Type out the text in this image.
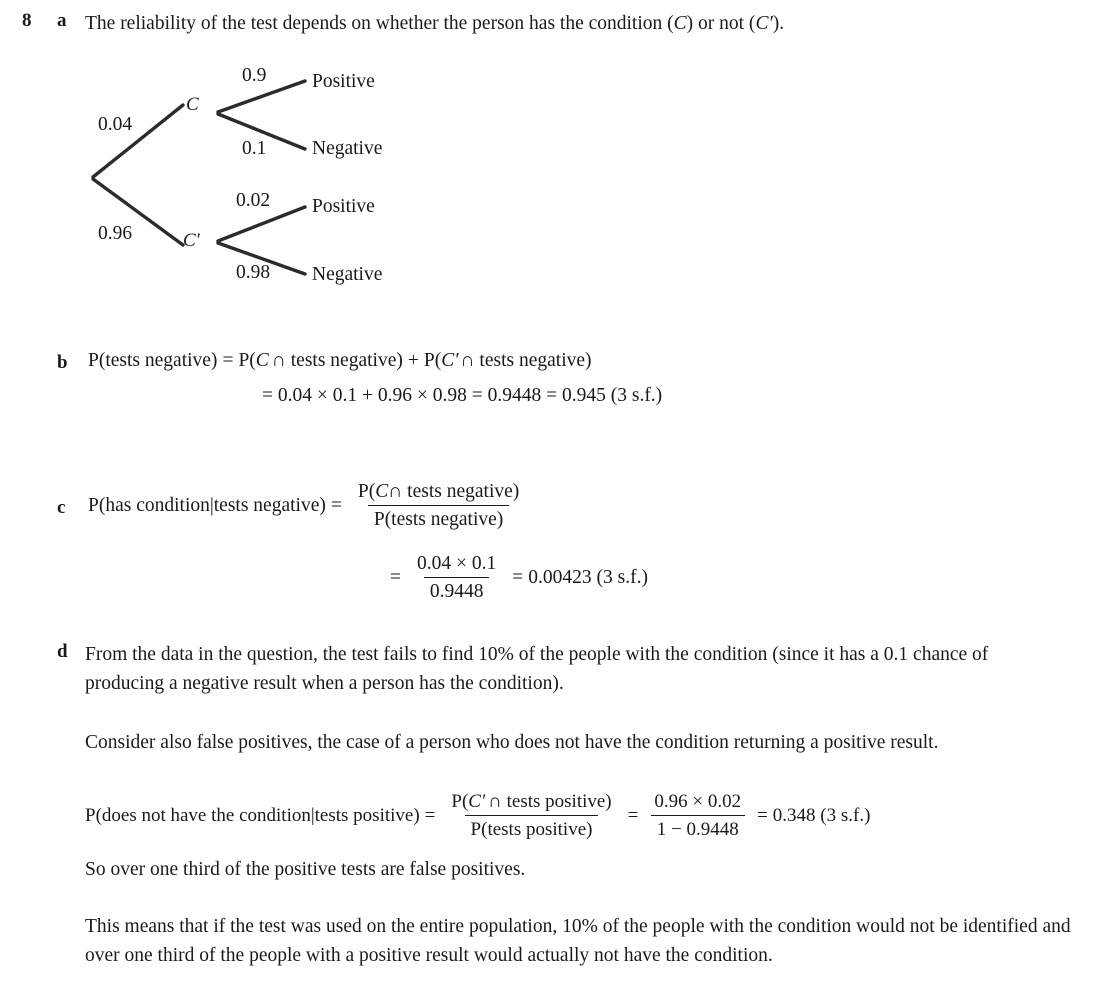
8 a The reliability of the test depends on whether the person has the condition (C) or not (C′).
0.04
0.96
C
C′
0.9
0.1
0.02
0.98
Positive
Negative
Positive
Negative
b P(tests negative) = P( C ∩ tests negative) + P( C′ ∩ tests negative)
= 0.04 × 0.1 + 0.96 × 0.98 = 0.9448 = 0.945 (3 s.f.)
c P(has condition|tests negative) = $\frac{\text{P(C∩ tests negative)}}{\text{P(tests negative)}}$
= $\frac{0.04 \times 0.1}{0.9448} = 0.00423$ (3 s.f.)
d From the data in the question, the test fails to find 10% of the people with the condition (since it has a 0.1 chance of producing a negative result when a person has the condition).
Consider also false positives, the case of a person who does not have the condition returning a positive result.
P(does not have the condition|tests positive) = $\frac{\text{P(C′ ∩ tests positive)}}{\text{P(tests positive)}} = \frac{0.96 \times 0.02}{1 - 0.9448} = 0.348$ (3 s.f.)
So over one third of the positive tests are false positives.
This means that if the test was used on the entire population, 10% of the people with the condition would not be identified and over one third of the people with a positive result would actually not have the condition.
